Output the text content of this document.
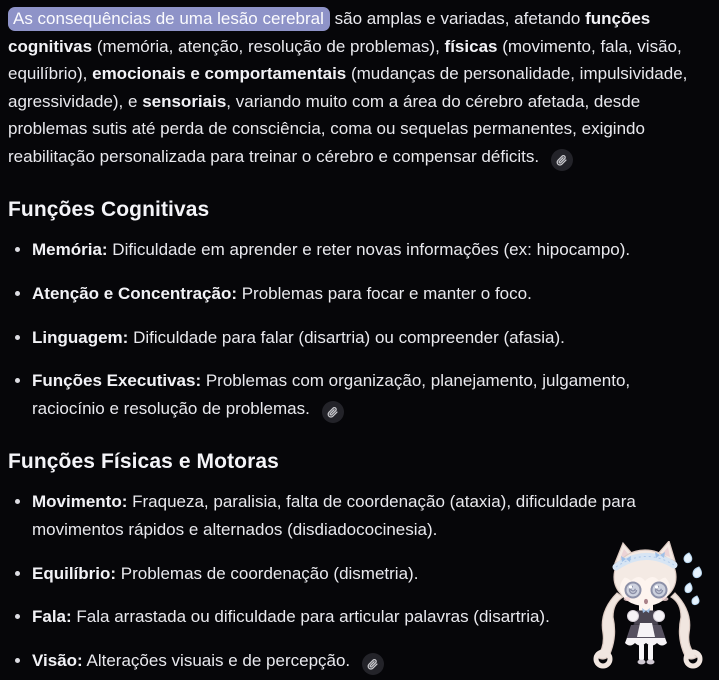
As consequências de uma lesão cerebral são amplas e variadas, afetando funções cognitivas (memória, atenção, resolução de problemas), físicas (movimento, fala, visão, equilíbrio), emocionais e comportamentais (mudanças de personalidade, impulsividade, agressividade), e sensoriais, variando muito com a área do cérebro afetada, desde problemas sutis até perda de consciência, coma ou sequelas permanentes, exigindo reabilitação personalizada para treinar o cérebro e compensar déficits.

Funções Cognitivas
Memória: Dificuldade em aprender e reter novas informações (ex: hipocampo).
Atenção e Concentração: Problemas para focar e manter o foco.
Linguagem: Dificuldade para falar (disartria) ou compreender (afasia).
Funções Executivas: Problemas com organização, planejamento, julgamento, raciocínio e resolução de problemas.
Funções Físicas e Motoras
Movimento: Fraqueza, paralisia, falta de coordenação (ataxia), dificuldade para movimentos rápidos e alternados (disdiadococinesia).
Equilíbrio: Problemas de coordenação (dismetria).
Fala: Fala arrastada ou dificuldade para articular palavras (disartria).
Visão: Alterações visuais e de percepção.
